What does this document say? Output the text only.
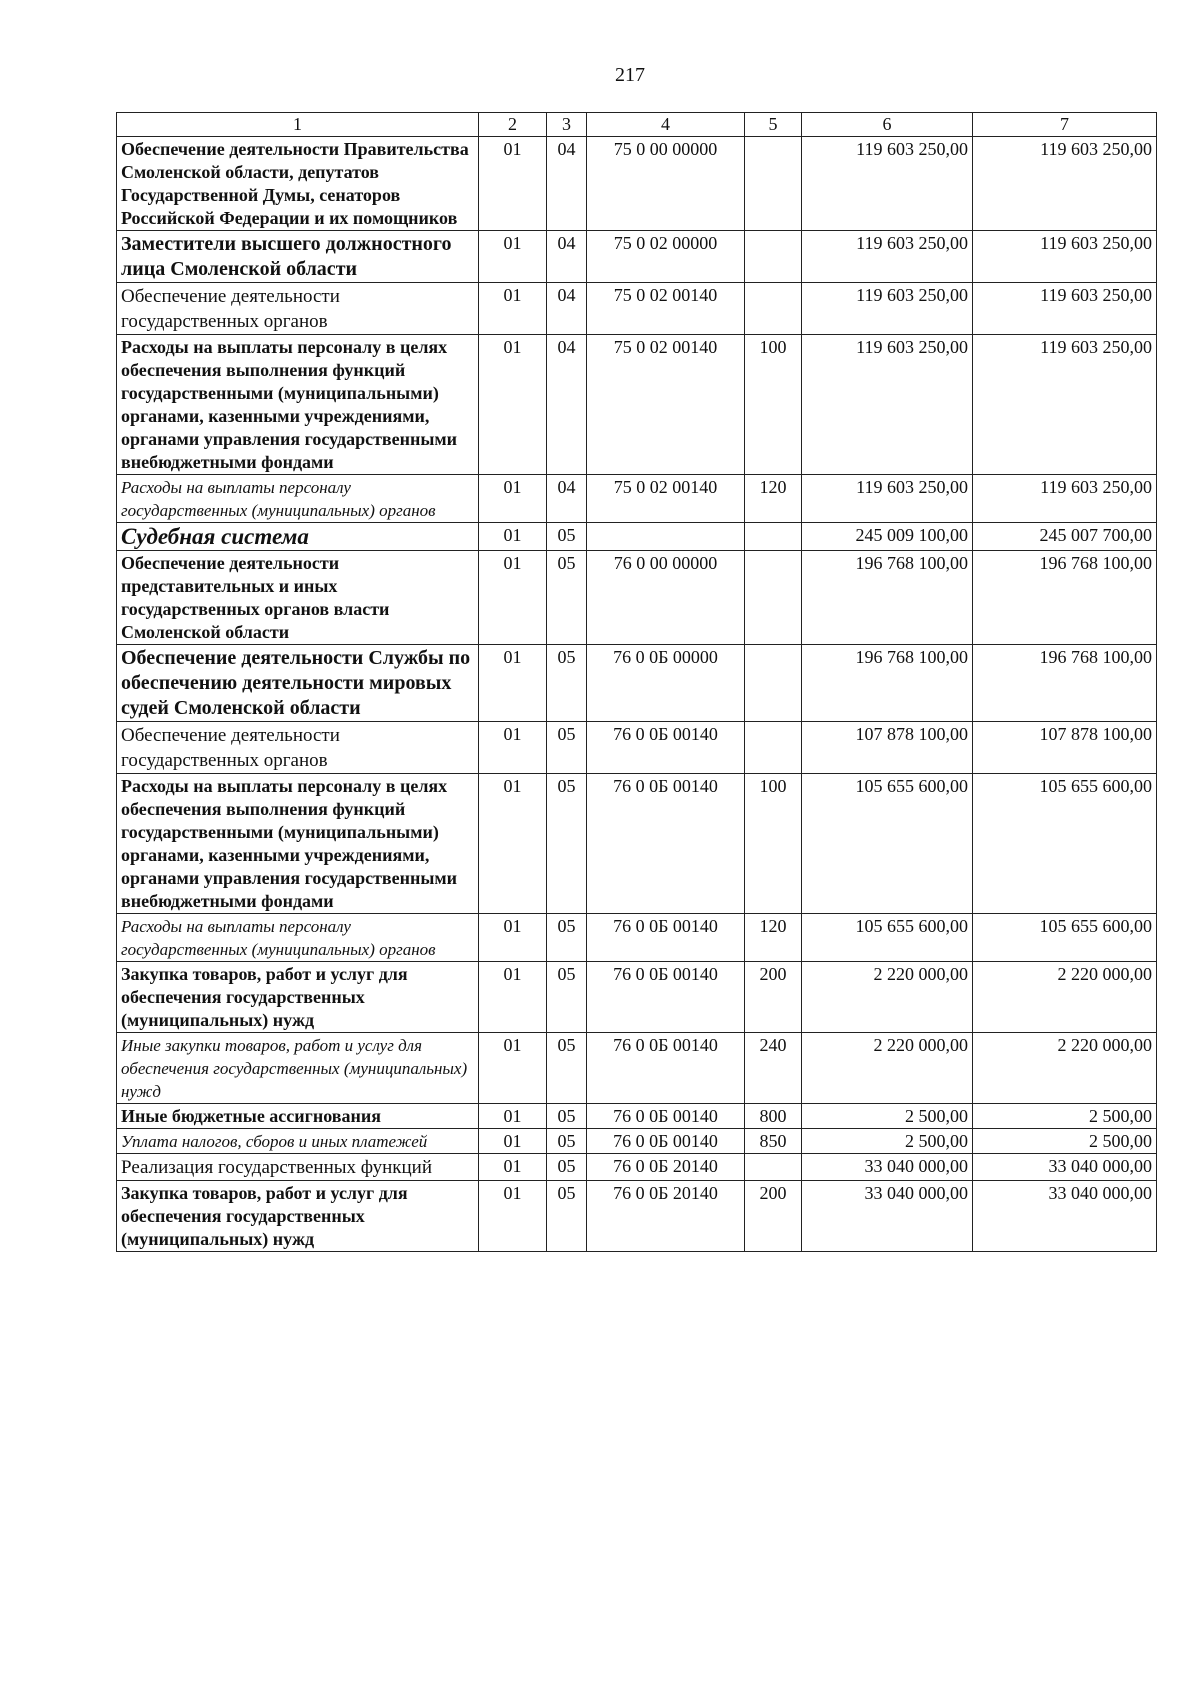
217
1	2	3	4	5	6	7
Обеспечение деятельности Правительства Смоленской области, депутатов Государственной Думы, сенаторов Российской Федерации и их помощников	01	04	75 0 00 00000		119 603 250,00	119 603 250,00
Заместители высшего должностного лица Смоленской области	01	04	75 0 02 00000		119 603 250,00	119 603 250,00
Обеспечение деятельности государственных органов	01	04	75 0 02 00140		119 603 250,00	119 603 250,00
Расходы на выплаты персоналу в целях обеспечения выполнения функций государственными (муниципальными) органами, казенными учреждениями, органами управления государственными внебюджетными фондами	01	04	75 0 02 00140	100	119 603 250,00	119 603 250,00
Расходы на выплаты персоналу государственных (муниципальных) органов	01	04	75 0 02 00140	120	119 603 250,00	119 603 250,00
Судебная система	01	05			245 009 100,00	245 007 700,00
Обеспечение деятельности представительных и иных государственных органов власти Смоленской области	01	05	76 0 00 00000		196 768 100,00	196 768 100,00
Обеспечение деятельности Службы по обеспечению деятельности мировых судей Смоленской области	01	05	76 0 0Б 00000		196 768 100,00	196 768 100,00
Обеспечение деятельности государственных органов	01	05	76 0 0Б 00140		107 878 100,00	107 878 100,00
Расходы на выплаты персоналу в целях обеспечения выполнения функций государственными (муниципальными) органами, казенными учреждениями, органами управления государственными внебюджетными фондами	01	05	76 0 0Б 00140	100	105 655 600,00	105 655 600,00
Расходы на выплаты персоналу государственных (муниципальных) органов	01	05	76 0 0Б 00140	120	105 655 600,00	105 655 600,00
Закупка товаров, работ и услуг для обеспечения государственных (муниципальных) нужд	01	05	76 0 0Б 00140	200	2 220 000,00	2 220 000,00
Иные закупки товаров, работ и услуг для обеспечения государственных (муниципальных) нужд	01	05	76 0 0Б 00140	240	2 220 000,00	2 220 000,00
Иные бюджетные ассигнования	01	05	76 0 0Б 00140	800	2 500,00	2 500,00
Уплата налогов, сборов и иных платежей	01	05	76 0 0Б 00140	850	2 500,00	2 500,00
Реализация государственных функций	01	05	76 0 0Б 20140		33 040 000,00	33 040 000,00
Закупка товаров, работ и услуг для обеспечения государственных (муниципальных) нужд	01	05	76 0 0Б 20140	200	33 040 000,00	33 040 000,00
